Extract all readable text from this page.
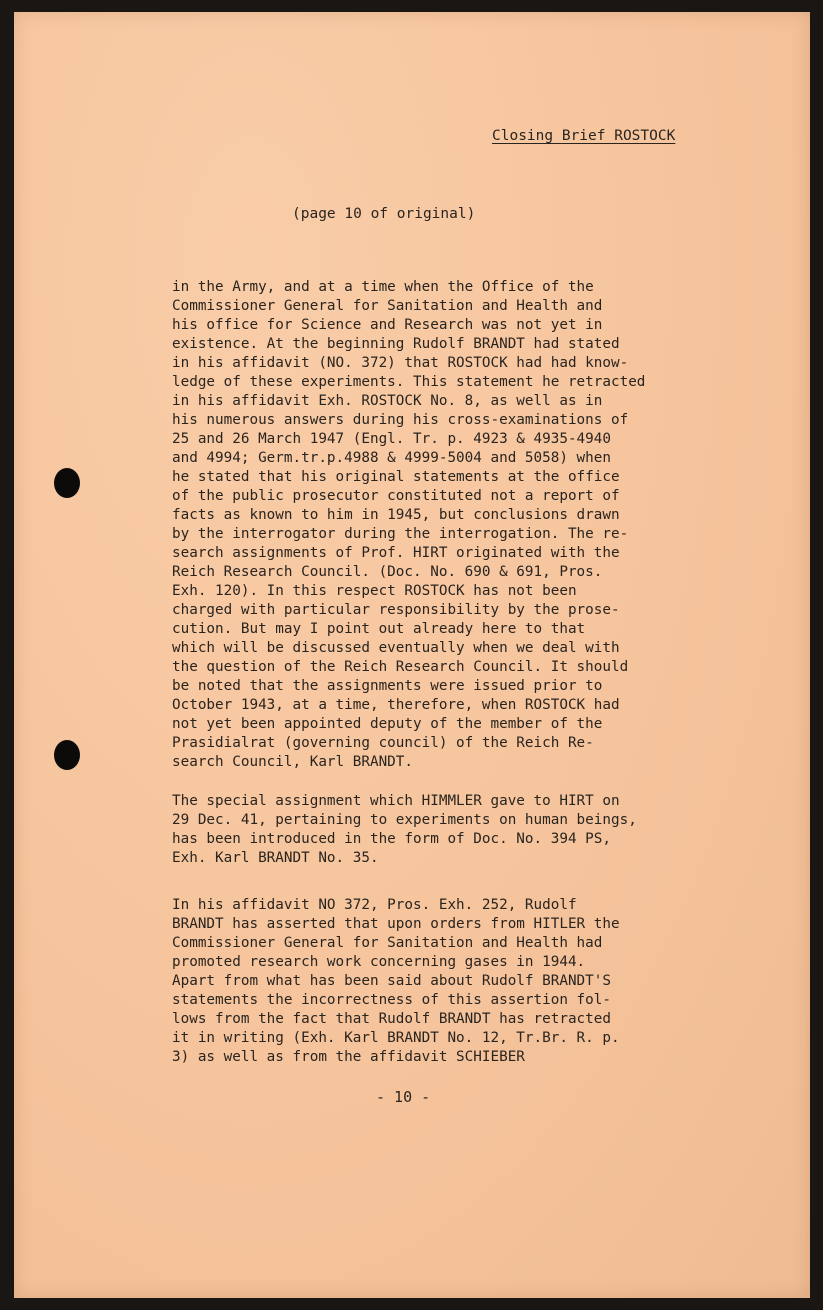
Closing Brief ROSTOCK
(page 10 of original)
in the Army, and at a time when the Office of the
Commissioner General for Sanitation and Health and
his office for Science and Research was not yet in
existence. At the beginning Rudolf BRANDT had stated
in his affidavit (NO. 372) that ROSTOCK had had know-
ledge of these experiments. This statement he retracted
in his affidavit Exh. ROSTOCK No. 8, as well as in
his numerous answers during his cross-examinations of
25 and 26 March 1947 (Engl. Tr. p. 4923 & 4935-4940
and 4994; Germ.tr.p.4988 & 4999-5004 and 5058) when
he stated that his original statements at the office
of the public prosecutor constituted not a report of
facts as known to him in 1945, but conclusions drawn
by the interrogator during the interrogation. The re-
search assignments of Prof. HIRT originated with the
Reich Research Council. (Doc. No. 690 & 691, Pros.
Exh. 120). In this respect ROSTOCK has not been
charged with particular responsibility by the prose-
cution. But may I point out already here to that
which will be discussed eventually when we deal with
the question of the Reich Research Council. It should
be noted that the assignments were issued prior to
October 1943, at a time, therefore, when ROSTOCK had
not yet been appointed deputy of the member of the
Prasidialrat (governing council) of the Reich Re-
search Council, Karl BRANDT.
The special assignment which HIMMLER gave to HIRT on
29 Dec. 41, pertaining to experiments on human beings,
has been introduced in the form of Doc. No. 394 PS,
Exh. Karl BRANDT No. 35.
In his affidavit NO 372, Pros. Exh. 252, Rudolf
BRANDT has asserted that upon orders from HITLER the
Commissioner General for Sanitation and Health had
promoted research work concerning gases in 1944.
Apart from what has been said about Rudolf BRANDT'S
statements the incorrectness of this assertion fol-
lows from the fact that Rudolf BRANDT has retracted
it in writing (Exh. Karl BRANDT No. 12, Tr.Br. R. p.
3) as well as from the affidavit SCHIEBER
- 10 -
